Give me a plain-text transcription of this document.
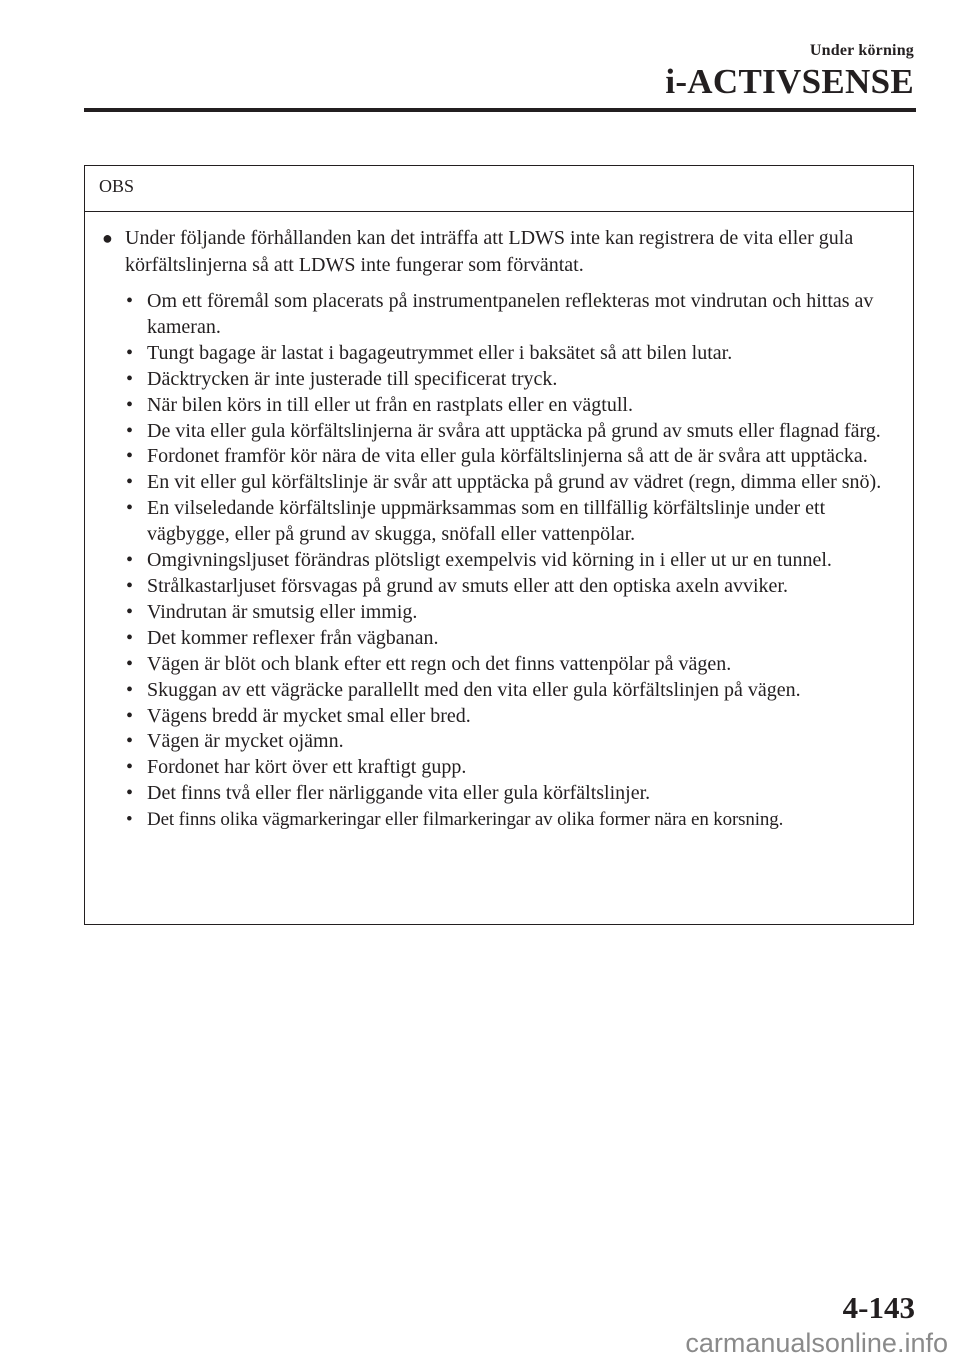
Under körning
i-ACTIVSENSE
OBS
● Under följande förhållanden kan det inträffa att LDWS inte kan registrera de vita eller gula körfältslinjerna så att LDWS inte fungerar som förväntat.
• Om ett föremål som placerats på instrumentpanelen reflekteras mot vindrutan och hittas av kameran.
• Tungt bagage är lastat i bagageutrymmet eller i baksätet så att bilen lutar.
• Däcktrycken är inte justerade till specificerat tryck.
• När bilen körs in till eller ut från en rastplats eller en vägtull.
• De vita eller gula körfältslinjerna är svåra att upptäcka på grund av smuts eller flagnad färg.
• Fordonet framför kör nära de vita eller gula körfältslinjerna så att de är svåra att upptäcka.
• En vit eller gul körfältslinje är svår att upptäcka på grund av vädret (regn, dimma eller snö).
• En vilseledande körfältslinje uppmärksammas som en tillfällig körfältslinje under ett vägbygge, eller på grund av skugga, snöfall eller vattenpölar.
• Omgivningsljuset förändras plötsligt exempelvis vid körning in i eller ut ur en tunnel.
• Strålkastarljuset försvagas på grund av smuts eller att den optiska axeln avviker.
• Vindrutan är smutsig eller immig.
• Det kommer reflexer från vägbanan.
• Vägen är blöt och blank efter ett regn och det finns vattenpölar på vägen.
• Skuggan av ett vägräcke parallellt med den vita eller gula körfältslinjen på vägen.
• Vägens bredd är mycket smal eller bred.
• Vägen är mycket ojämn.
• Fordonet har kört över ett kraftigt gupp.
• Det finns två eller fler närliggande vita eller gula körfältslinjer.
• Det finns olika vägmarkeringar eller filmarkeringar av olika former nära en korsning.
4-143
carmanualsonline.info
